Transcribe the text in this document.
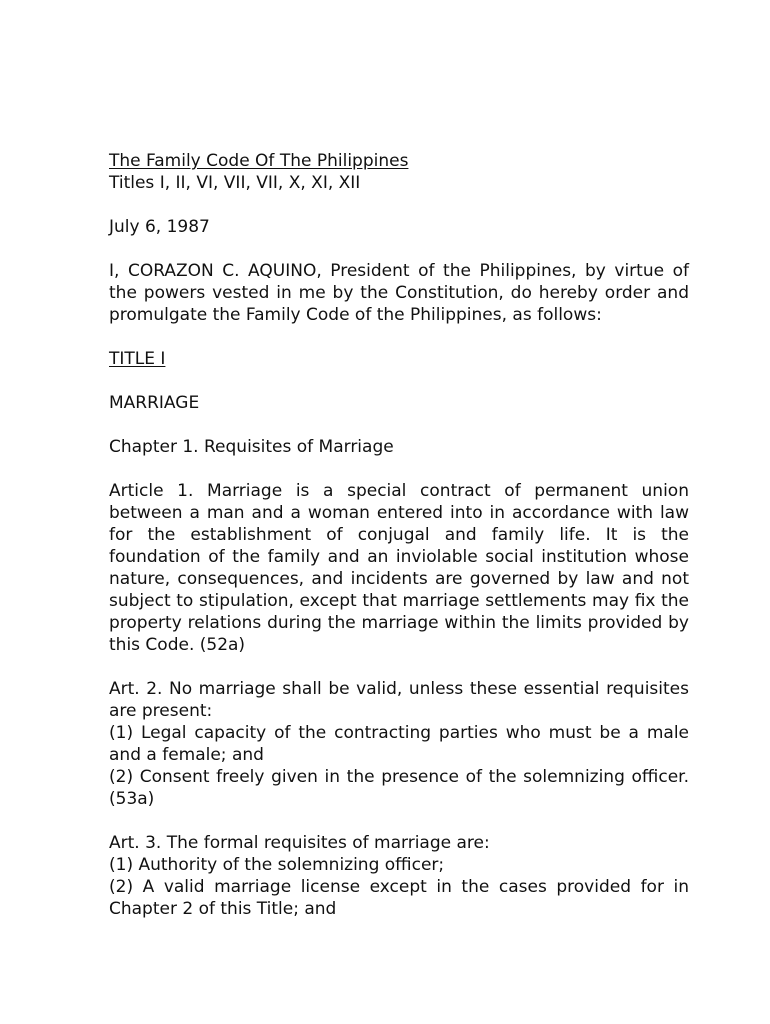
The Family Code Of The Philippines
Titles I, II, VI, VII, VII, X, XI, XII
July 6, 1987

I, CORAZON C. AQUINO, President of the Philippines, by virtue of the powers vested in me by the Constitution, do hereby order and promulgate the Family Code of the Philippines, as follows:

TITLE I
MARRIAGE
Chapter 1. Requisites of Marriage

Article 1. Marriage is a special contract of permanent union between a man and a woman entered into in accordance with law for the establishment of conjugal and family life. It is the foundation of the family and an inviolable social institution whose nature, consequences, and incidents are governed by law and not subject to stipulation, except that marriage settlements may fix the property relations during the marriage within the limits provided by this Code. (52a)

Art. 2. No marriage shall be valid, unless these essential requisites are present:

(1) Legal capacity of the contracting parties who must be a male and a female; and

(2) Consent freely given in the presence of the solemnizing officer. (53a)

Art. 3. The formal requisites of marriage are:

(1) Authority of the solemnizing officer;

(2) A valid marriage license except in the cases provided for in Chapter 2 of this Title; and
